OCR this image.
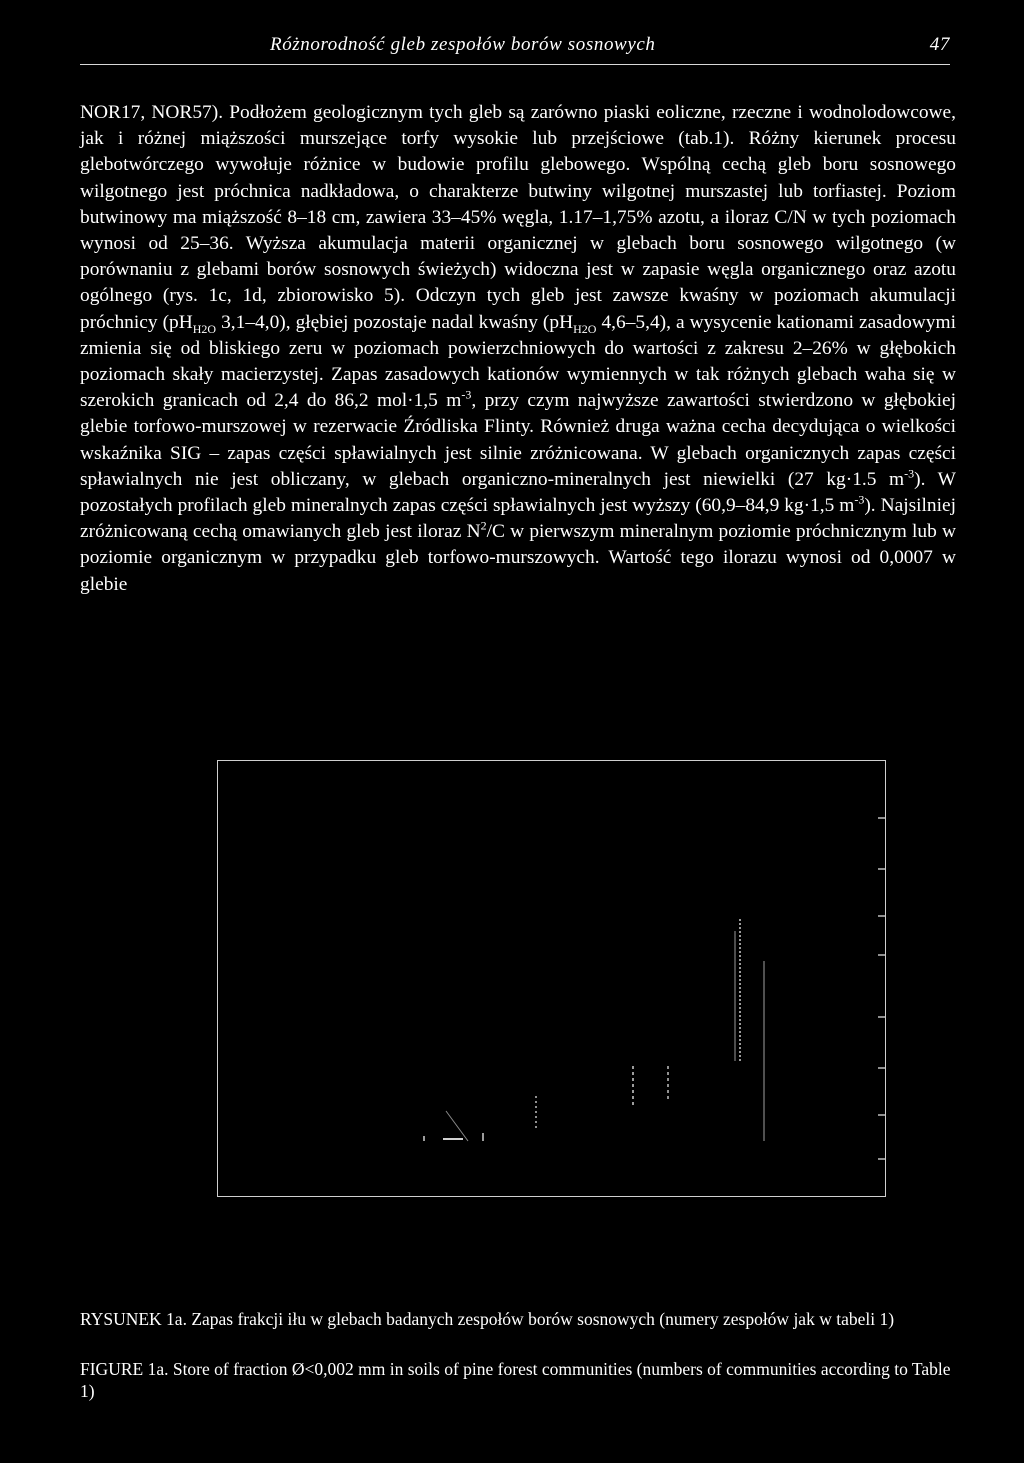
Różnorodność gleb zespołów borów sosnowych	47

NOR17, NOR57). Podłożem geologicznym tych gleb są zarówno piaski eoliczne, rzeczne i wodnolodowcowe, jak i różnej miąższości murszejące torfy wysokie lub przejściowe (tab.1). Różny kierunek procesu glebotwórczego wywołuje różnice w budowie profilu glebowego. Wspólną cechą gleb boru sosnowego wilgotnego jest próchnica nadkładowa, o charakterze butwiny wilgotnej murszastej lub torfiastej. Poziom butwinowy ma miąższość 8–18 cm, zawiera 33–45% węgla, 1.17–1,75% azotu, a iloraz C/N w tych poziomach wynosi od 25–36. Wyższa akumulacja materii organicznej w glebach boru sosnowego wilgotnego (w porównaniu z glebami borów sosnowych świeżych) widoczna jest w zapasie węgla organicznego oraz azotu ogólnego (rys. 1c, 1d, zbiorowisko 5). Odczyn tych gleb jest zawsze kwaśny w poziomach akumulacji próchnicy ($pH_{H2O}$ 3,1–4,0), głębiej pozostaje nadal kwaśny ($pH_{H2O}$ 4,6–5,4), a wysycenie kationami zasadowymi zmienia się od bliskiego zeru w poziomach powierzchniowych do wartości z zakresu 2–26% w głębokich poziomach skały macierzystej. Zapas zasadowych kationów wymiennych w tak różnych glebach waha się w szerokich granicach od 2,4 do 86,2 mol·1,5 $m^{-3}$, przy czym najwyższe zawartości stwierdzono w głębokiej glebie torfowo-murszowej w rezerwacie Źródliska Flinty. Również druga ważna cecha decydująca o wielkości wskaźnika SIG – zapas części spławialnych jest silnie zróżnicowana. W glebach organicznych zapas części spławialnych nie jest obliczany, w glebach organiczno-mineralnych jest niewielki (27 kg·1.5 $m^{-3}$). W pozostałych profilach gleb mineralnych zapas części spławialnych jest wyższy (60,9–84,9 kg·1,5 $m^{-3}$). Najsilniej zróżnicowaną cechą omawianych gleb jest iloraz $N^2/C$ w pierwszym mineralnym poziomie próchnicznym lub w poziomie organicznym w przypadku gleb torfowo-murszowych. Wartość tego ilorazu wynosi od 0,0007 w glebie

RYSUNEK 1a. Zapas frakcji iłu w glebach badanych zespołów borów sosnowych (numery zespołów jak w tabeli 1)

FIGURE 1a. Store of fraction Ø<0,002 mm in soils of pine forest communities (numbers of communities according to Table 1)
